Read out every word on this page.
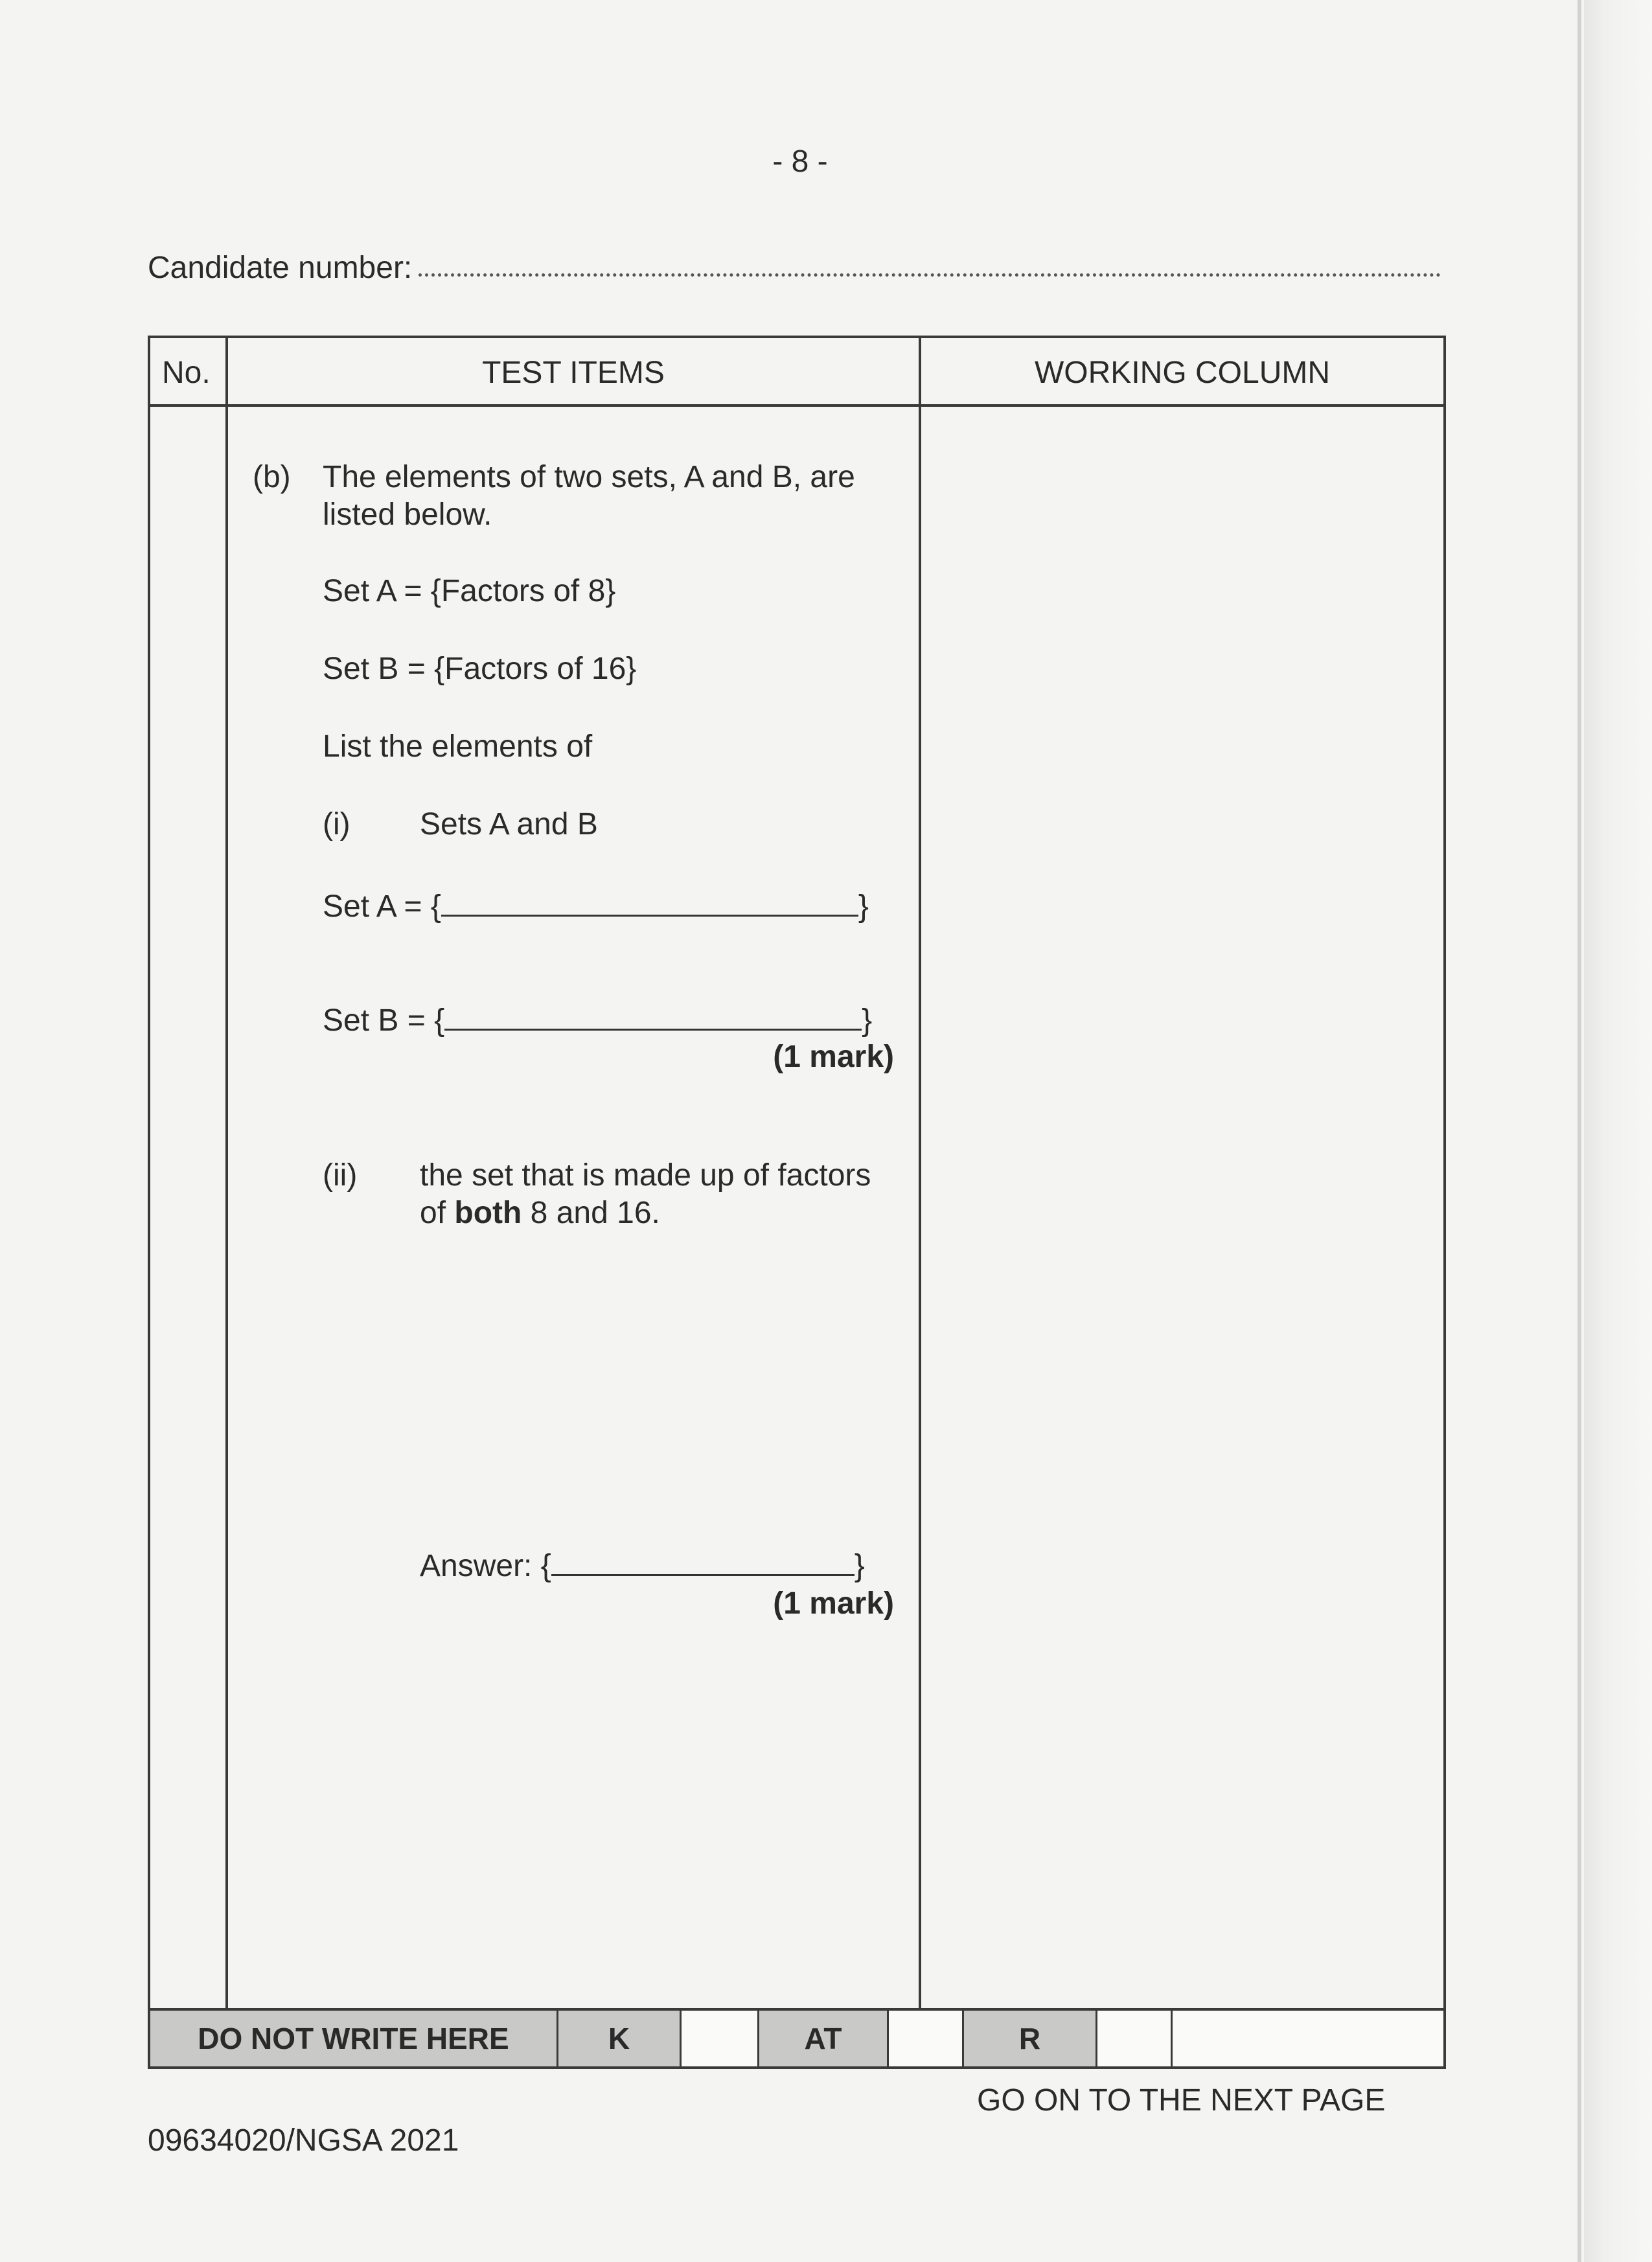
- 8 -
Candidate number:
No.	TEST ITEMS	WORKING COLUMN
(b) The elements of two sets, A and B, are
listed below.
Set A = {Factors of 8}
Set B = {Factors of 16}
List the elements of
(i) Sets A and B
Set A = {	}
Set B = {	}
(1 mark)
(ii) the set that is made up of factors
of both 8 and 16.
Answer: {	}
(1 mark)
DO NOT WRITE HERE	K	AT	R
GO ON TO THE NEXT PAGE
09634020/NGSA 2021
